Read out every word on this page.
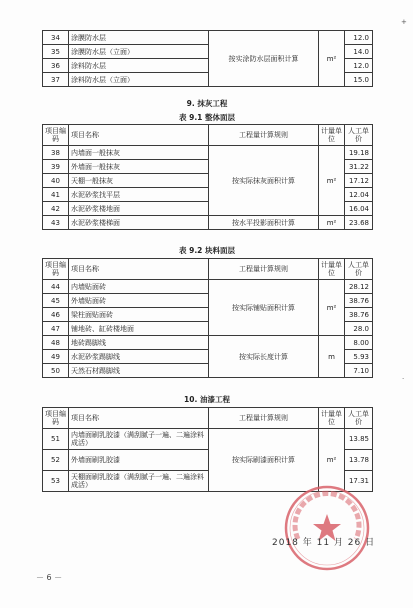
34	涂膜防水层	按实涂防水层面积计算	m²	12.0
35	涂膜防水层（立面）			14.0
36	涂料防水层			12.0
37	涂料防水层（立面）			15.0
9. 抹灰工程
表 9.1 整体面层
项目编码	项目名称	工程量计算规则	计量单位	人工单价
38	内墙面一般抹灰	按实际抹灰面积计算	m²	19.18
39	外墙面一般抹灰			31.22
40	天棚一般抹灰			17.12
41	水泥砂浆找平层			12.04
42	水泥砂浆楼地面			16.04
43	水泥砂浆楼梯面	按水平投影面积计算	m²	23.68
表 9.2 块料面层
项目编码	项目名称	工程量计算规则	计量单位	人工单价
44	内墙贴面砖	按实际铺贴面积计算	m²	28.12
45	外墙贴面砖			38.76
46	梁柱面贴面砖			38.76
47	铺地砖、缸砖楼地面			28.0
48	地砖踢脚线	按实际长度计算	m	8.00
49	水泥砂浆踢脚线			5.93
50	天然石材踢脚线			7.10
10. 油漆工程
项目编码	项目名称	工程量计算规则	计量单位	人工单价
51	内墙面刷乳胶漆（满刮腻子一遍、二遍涂料成活）	按实际刷漆面积计算	m²	13.85
52	外墙面刷乳胶漆			13.78
53	天棚面刷乳胶漆（满刮腻子一遍、二遍涂料成活）			17.31
2018 年 11 月 26 日
－ 6 －
+
·
